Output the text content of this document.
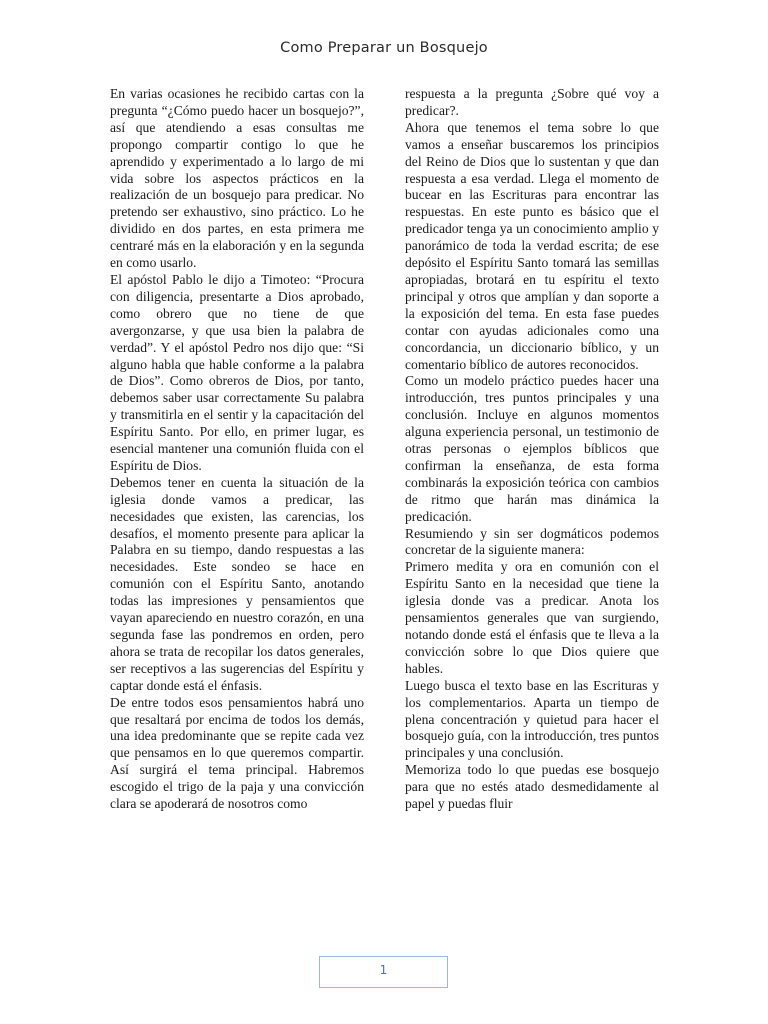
Como Preparar un Bosquejo

En varias ocasiones he recibido cartas con la pregunta “¿Cómo puedo hacer un bosquejo?”, así que atendiendo a esas consultas me propongo compartir contigo lo que he aprendido y experimentado a lo largo de mi vida sobre los aspectos prácticos en la realización de un bosquejo para predicar. No pretendo ser exhaustivo, sino práctico. Lo he dividido en dos partes, en esta primera me centraré más en la elaboración y en la segunda en como usarlo.

El apóstol Pablo le dijo a Timoteo: “Procura con diligencia, presentarte a Dios aprobado, como obrero que no tiene de que avergonzarse, y que usa bien la palabra de verdad”. Y el apóstol Pedro nos dijo que: “Si alguno habla que hable conforme a la palabra de Dios”. Como obreros de Dios, por tanto, debemos saber usar correctamente Su palabra y transmitirla en el sentir y la capacitación del Espíritu Santo. Por ello, en primer lugar, es esencial mantener una comunión fluida con el Espíritu de Dios.

Debemos tener en cuenta la situación de la iglesia donde vamos a predicar, las necesidades que existen, las carencias, los desafíos, el momento presente para aplicar la Palabra en su tiempo, dando respuestas a las necesidades. Este sondeo se hace en comunión con el Espíritu Santo, anotando todas las impresiones y pensamientos que vayan apareciendo en nuestro corazón, en una segunda fase las pondremos en orden, pero ahora se trata de recopilar los datos generales, ser receptivos a las sugerencias del Espíritu y captar donde está el énfasis.

De entre todos esos pensamientos habrá uno que resaltará por encima de todos los demás, una idea predominante que se repite cada vez que pensamos en lo que queremos compartir. Así surgirá el tema principal. Habremos escogido el trigo de la paja y una convicción clara se apoderará de nosotros como

respuesta a la pregunta ¿Sobre qué voy a predicar?.

Ahora que tenemos el tema sobre lo que vamos a enseñar buscaremos los principios del Reino de Dios que lo sustentan y que dan respuesta a esa verdad. Llega el momento de bucear en las Escrituras para encontrar las respuestas. En este punto es básico que el predicador tenga ya un conocimiento amplio y panorámico de toda la verdad escrita; de ese depósito el Espíritu Santo tomará las semillas apropiadas, brotará en tu espíritu el texto principal y otros que amplían y dan soporte a la exposición del tema. En esta fase puedes contar con ayudas adicionales como una concordancia, un diccionario bíblico, y un comentario bíblico de autores reconocidos.

Como un modelo práctico puedes hacer una introducción, tres puntos principales y una conclusión. Incluye en algunos momentos alguna experiencia personal, un testimonio de otras personas o ejemplos bíblicos que confirman la enseñanza, de esta forma combinarás la exposición teórica con cambios de ritmo que harán mas dinámica la predicación.

Resumiendo y sin ser dogmáticos podemos concretar de la siguiente manera:

Primero medita y ora en comunión con el Espíritu Santo en la necesidad que tiene la iglesia donde vas a predicar. Anota los pensamientos generales que van surgiendo, notando donde está el énfasis que te lleva a la convicción sobre lo que Dios quiere que hables.

Luego busca el texto base en las Escrituras y los complementarios. Aparta un tiempo de plena concentración y quietud para hacer el bosquejo guía, con la introducción, tres puntos principales y una conclusión.

Memoriza todo lo que puedas ese bosquejo para que no estés atado desmedidamente al papel y puedas fluir

1
